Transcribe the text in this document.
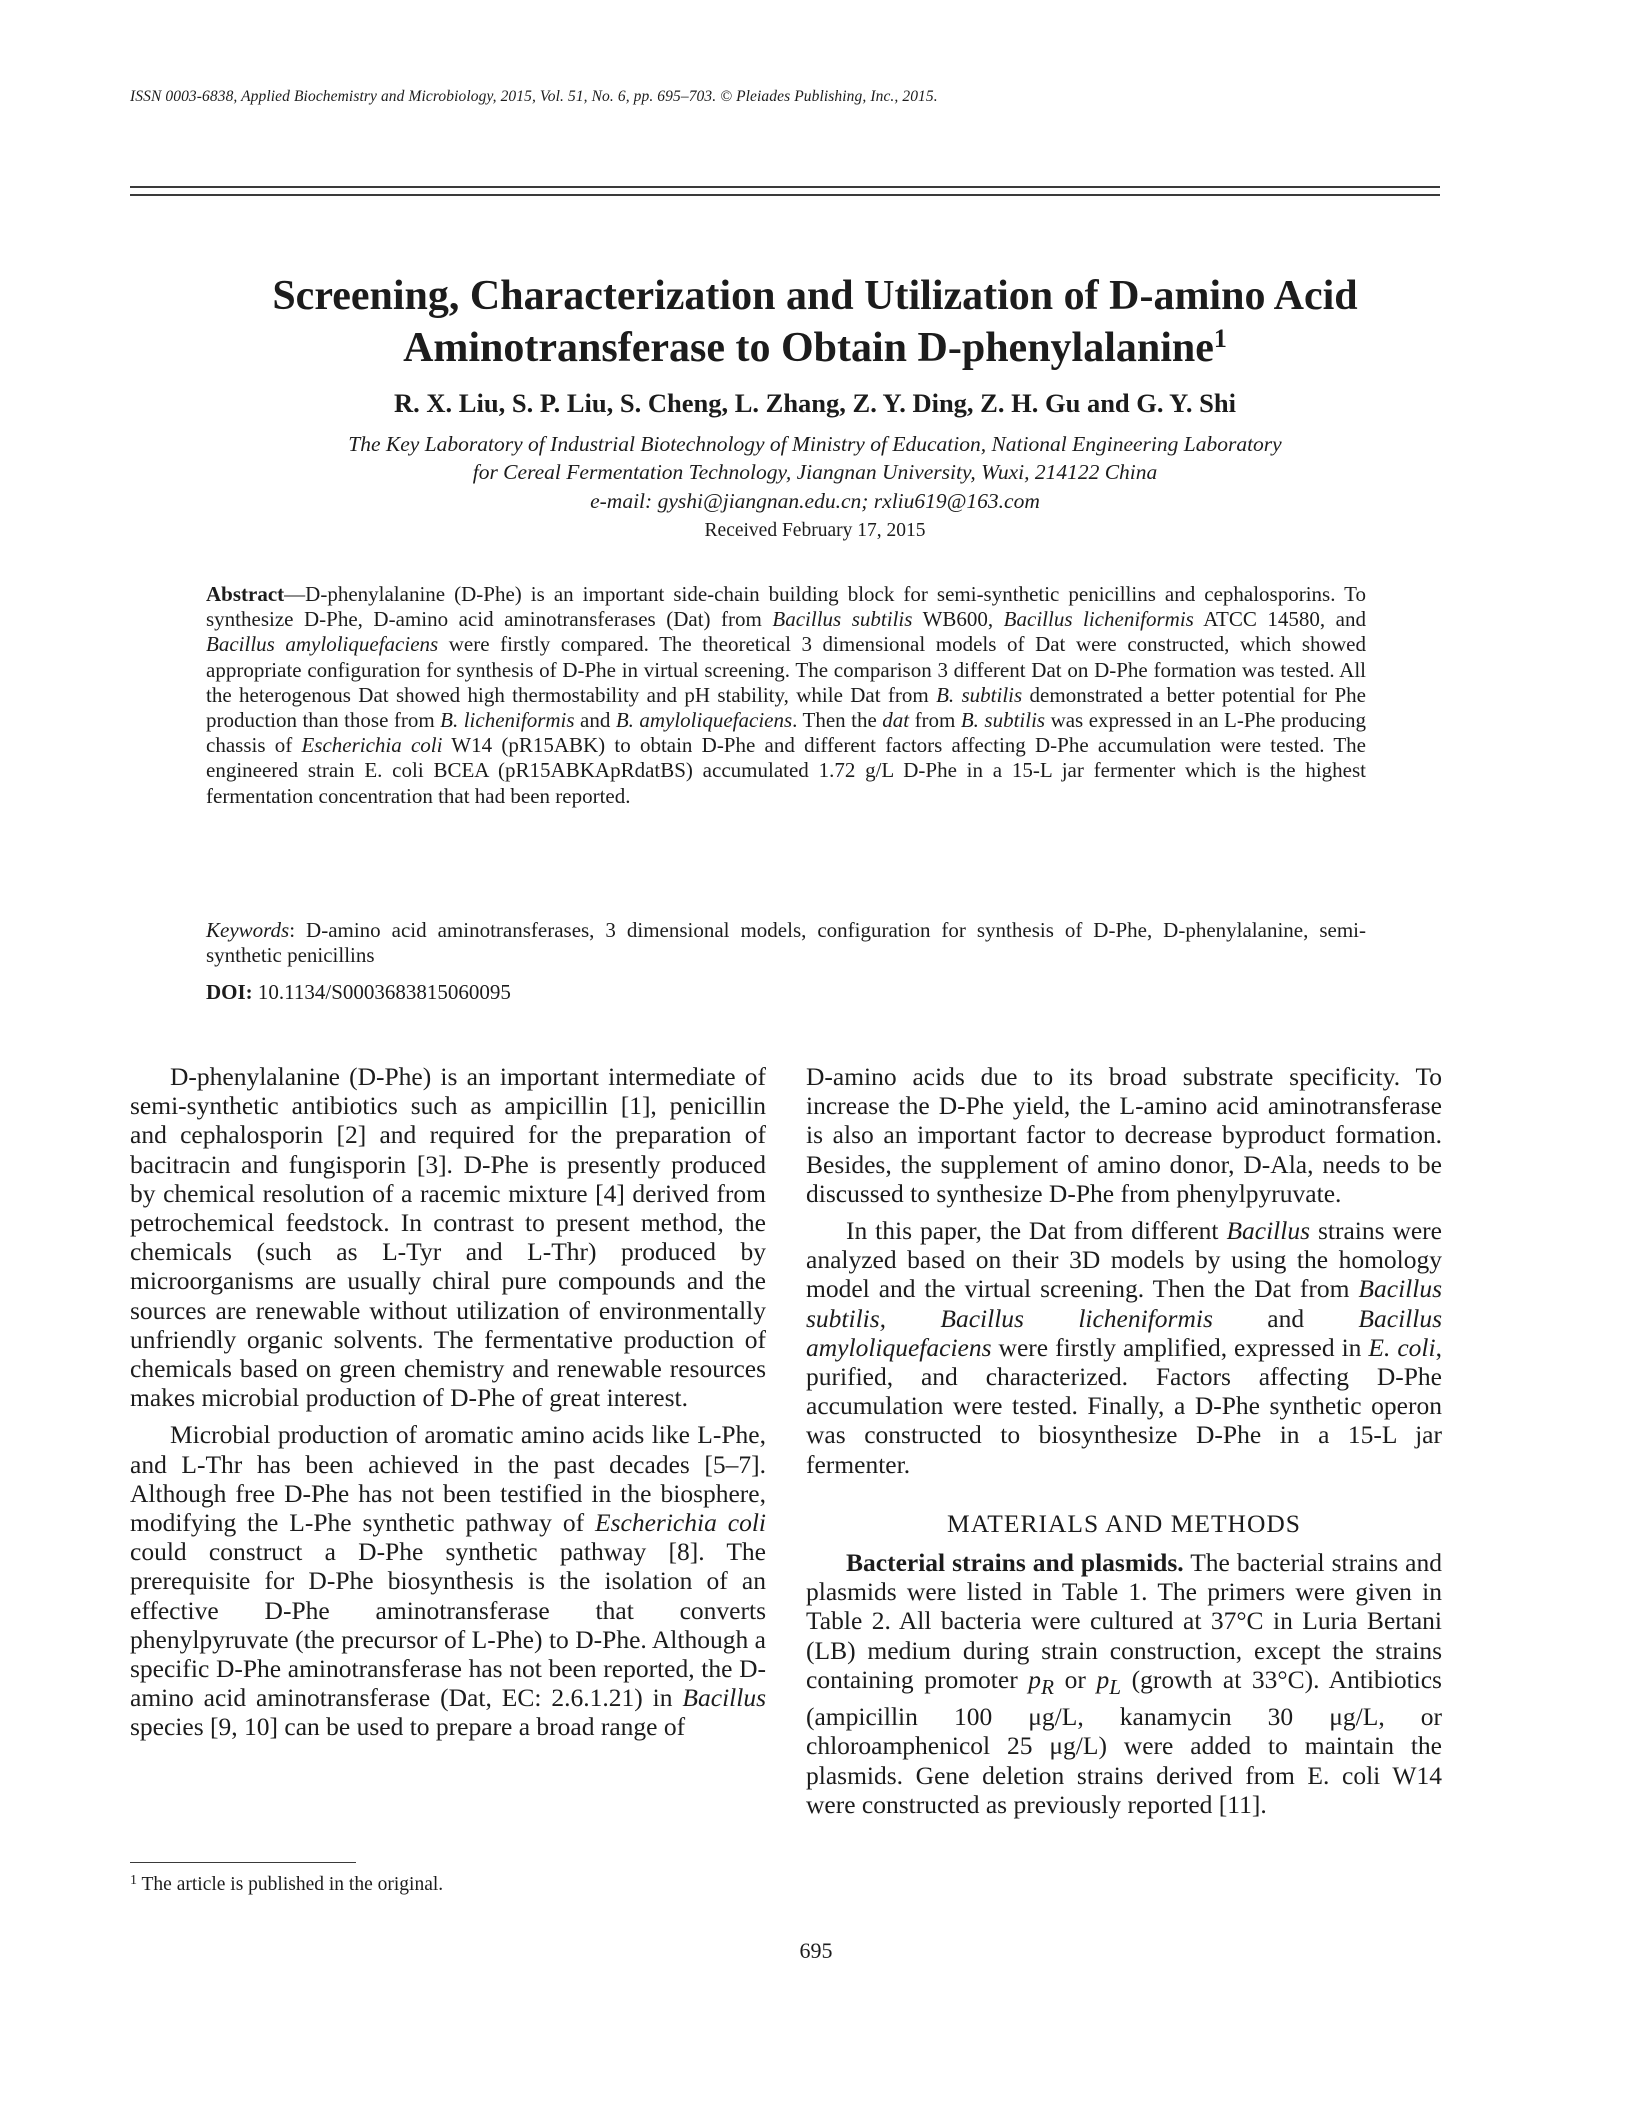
ISSN 0003-6838, Applied Biochemistry and Microbiology, 2015, Vol. 51, No. 6, pp. 695–703. © Pleiades Publishing, Inc., 2015.
Screening, Characterization and Utilization of D-amino Acid
Aminotransferase to Obtain D-phenylalanine$^1$
R. X. Liu, S. P. Liu, S. Cheng, L. Zhang, Z. Y. Ding, Z. H. Gu and G. Y. Shi
The Key Laboratory of Industrial Biotechnology of Ministry of Education, National Engineering Laboratory
for Cereal Fermentation Technology, Jiangnan University, Wuxi, 214122 China
e-mail: gyshi@jiangnan.edu.cn; rxliu619@163.com
Received February 17, 2015
Abstract—D-phenylalanine (D-Phe) is an important side-chain building block for semi-synthetic penicillins and cephalosporins. To synthesize D-Phe, D-amino acid aminotransferases (Dat) from Bacillus subtilis WB600, Bacillus licheniformis ATCC 14580, and Bacillus amyloliquefaciens were firstly compared. The theoretical 3 dimensional models of Dat were constructed, which showed appropriate configuration for synthesis of D-Phe in virtual screening. The comparison 3 different Dat on D-Phe formation was tested. All the heterogenous Dat showed high thermostability and pH stability, while Dat from B. subtilis demonstrated a better potential for Phe production than those from B. licheniformis and B. amyloliquefaciens. Then the dat from B. subtilis was expressed in an L-Phe producing chassis of Escherichia coli W14 (pR15ABK) to obtain D-Phe and different factors affecting D-Phe accumulation were tested. The engineered strain E. coli BCEA (pR15ABKApRdatBS) accumulated 1.72 g/L D-Phe in a 15-L jar fermenter which is the highest fermentation concentration that had been reported.
Keywords: D-amino acid aminotransferases, 3 dimensional models, configuration for synthesis of D-Phe, D-phenylalanine, semi-synthetic penicillins
DOI: 10.1134/S0003683815060095

D-phenylalanine (D-Phe) is an important intermediate of semi-synthetic antibiotics such as ampicillin [1], penicillin and cephalosporin [2] and required for the preparation of bacitracin and fungisporin [3]. D-Phe is presently produced by chemical resolution of a racemic mixture [4] derived from petrochemical feedstock. In contrast to present method, the chemicals (such as L-Tyr and L-Thr) produced by microorganisms are usually chiral pure compounds and the sources are renewable without utilization of environmentally unfriendly organic solvents. The fermentative production of chemicals based on green chemistry and renewable resources makes microbial production of D-Phe of great interest.

Microbial production of aromatic amino acids like L-Phe, and L-Thr has been achieved in the past decades [5–7]. Although free D-Phe has not been testified in the biosphere, modifying the L-Phe synthetic pathway of Escherichia coli could construct a D-Phe synthetic pathway [8]. The prerequisite for D-Phe biosynthesis is the isolation of an effective D-Phe aminotransferase that converts phenylpyruvate (the precursor of L-Phe) to D-Phe. Although a specific D-Phe aminotransferase has not been reported, the D-amino acid aminotransferase (Dat, EC: 2.6.1.21) in Bacillus species [9, 10] can be used to prepare a broad range of

D-amino acids due to its broad substrate specificity. To increase the D-Phe yield, the L-amino acid aminotransferase is also an important factor to decrease byproduct formation. Besides, the supplement of amino donor, D-Ala, needs to be discussed to synthesize D-Phe from phenylpyruvate.

In this paper, the Dat from different Bacillus strains were analyzed based on their 3D models by using the homology model and the virtual screening. Then the Dat from Bacillus subtilis, Bacillus licheniformis and Bacillus amyloliquefaciens were firstly amplified, expressed in E. coli, purified, and characterized. Factors affecting D-Phe accumulation were tested. Finally, a D-Phe synthetic operon was constructed to biosynthesize D-Phe in a 15-L jar fermenter.

MATERIALS AND METHODS

Bacterial strains and plasmids. The bacterial strains and plasmids were listed in Table 1. The primers were given in Table 2. All bacteria were cultured at 37°C in Luria Bertani (LB) medium during strain construction, except the strains containing promoter $p_R$ or $p_L$ (growth at 33°C). Antibiotics (ampicillin 100 μg/L, kanamycin 30 μg/L, or chloroamphenicol 25 μg/L) were added to maintain the plasmids. Gene deletion strains derived from E. coli W14 were constructed as previously reported [11].

$^1$ The article is published in the original.
695
